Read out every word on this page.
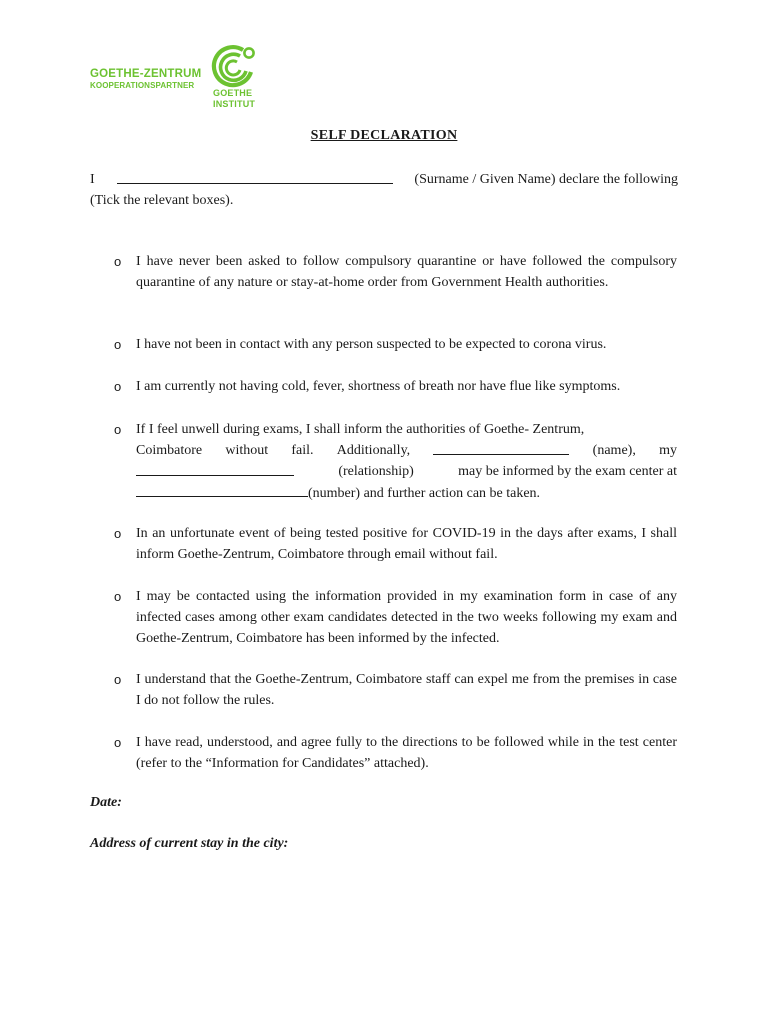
GOETHE-ZENTRUM
KOOPERATIONSPARTNER
GOETHE
INSTITUT
SELF DECLARATION
I	(Surname / Given Name) declare the following
(Tick the relevant boxes).
o I have never been asked to follow compulsory quarantine or have followed the compulsory quarantine of any nature or stay-at-home order from Government Health authorities.
o I have not been in contact with any person suspected to be expected to corona virus.
o I am currently not having cold, fever, shortness of breath nor have flue like symptoms.
o If I feel unwell during exams, I shall inform the authorities of Goethe- Zentrum,
Coimbatore without fail. Additionally,	(name), my
(relationship)	may be informed by the exam center at
(number) and further action can be taken.
o In an unfortunate event of being tested positive for COVID-19 in the days after exams, I shall inform Goethe-Zentrum, Coimbatore through email without fail.
o I may be contacted using the information provided in my examination form in case of any infected cases among other exam candidates detected in the two weeks following my exam and Goethe-Zentrum, Coimbatore has been informed by the infected.
o I understand that the Goethe-Zentrum, Coimbatore staff can expel me from the premises in case I do not follow the rules.
o I have read, understood, and agree fully to the directions to be followed while in the test center (refer to the “Information for Candidates” attached).
Date:
Address of current stay in the city:
